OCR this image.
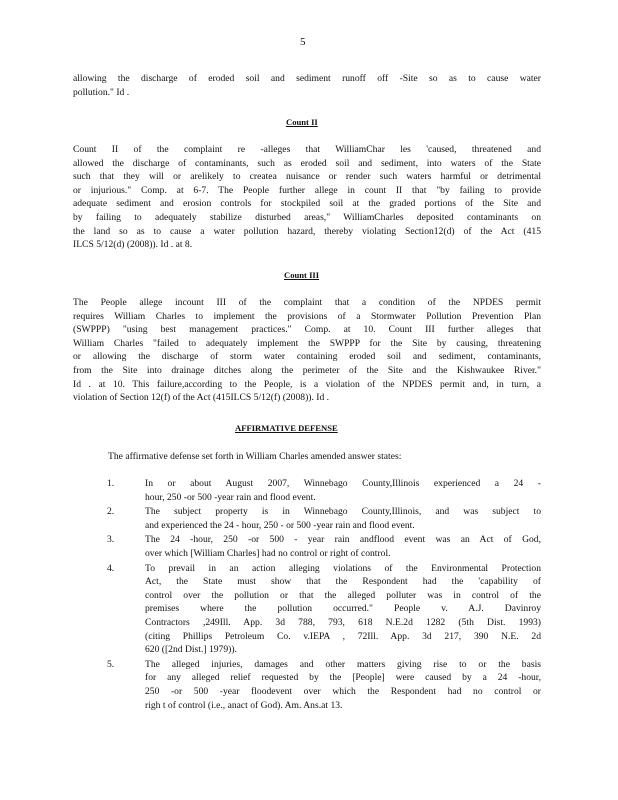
5
allowing the discharge of eroded soil and sediment runoff off -Site so as to cause water
pollution." Id .
Count II
Count II of the complaint re -alleges that WilliamChar les 'caused, threatened and
allowed the discharge of contaminants, such as eroded soil and sediment, into waters of the State
such that they will or arelikely to createa nuisance or render such waters harmful or detrimental
or injurious." Comp. at 6-7. The People further allege in count II that "by failing to provide
adequate sediment and erosion controls for stockpiled soil at the graded portions of the Site and
by failing to adequately stabilize disturbed areas," WilliamCharles deposited contaminants on
the land so as to cause a water pollution hazard, thereby violating Section12(d) of the Act (415
ILCS 5/12(d) (2008)). Id . at 8.
Count III
The People allege incount III of the complaint that a condition of the NPDES permit
requires William Charles to implement the provisions of a Stormwater Pollution Prevention Plan
(SWPPP) "using best management practices." Comp. at 10. Count III further alleges that
William Charles "failed to adequately implement the SWPPP for the Site by causing, threatening
or allowing the discharge of storm water containing eroded soil and sediment, contaminants,
from the Site into drainage ditches along the perimeter of the Site and the Kishwaukee River."
Id . at 10. This failure,according to the People, is a violation of the NPDES permit and, in turn, a
violation of Section 12(f) of the Act (415ILCS 5/12(f) (2008)). Id .
AFFIRMATIVE DEFENSE
The affirmative defense set forth in William Charles amended answer states:
1.	In or about August 2007, Winnebago County,Illinois experienced a 24 -
hour, 250 -or 500 -year rain and flood event.
2.	The subject property is in Winnebago County,Illinois, and was subject to
and experienced the 24 - hour, 250 - or 500 -year rain and flood event.
3.	The 24 -hour, 250 -or 500 - year rain andflood event was an Act of God,
over which [William Charles] had no control or right of control.
4.	To prevail in an action alleging violations of the Environmental Protection
Act, the State must show that the Respondent had the 'capability of
control over the pollution or that the alleged polluter was in control of the
premises where the pollution occurred." People v. A.J. Davinroy
Contractors ,249Ill. App. 3d 788, 793, 618 N.E.2d 1282 (5th Dist. 1993)
(citing Phillips Petroleum Co. v.IEPA , 72Ill. App. 3d 217, 390 N.E. 2d
620 ([2nd Dist.] 1979)).
5.	The alleged injuries, damages and other matters giving rise to or the basis
for any alleged relief requested by the [People] were caused by a 24 -hour,
250 -or 500 -year floodevent over which the Respondent had no control or
righ t of control (i.e., anact of God). Am. Ans.at 13.
